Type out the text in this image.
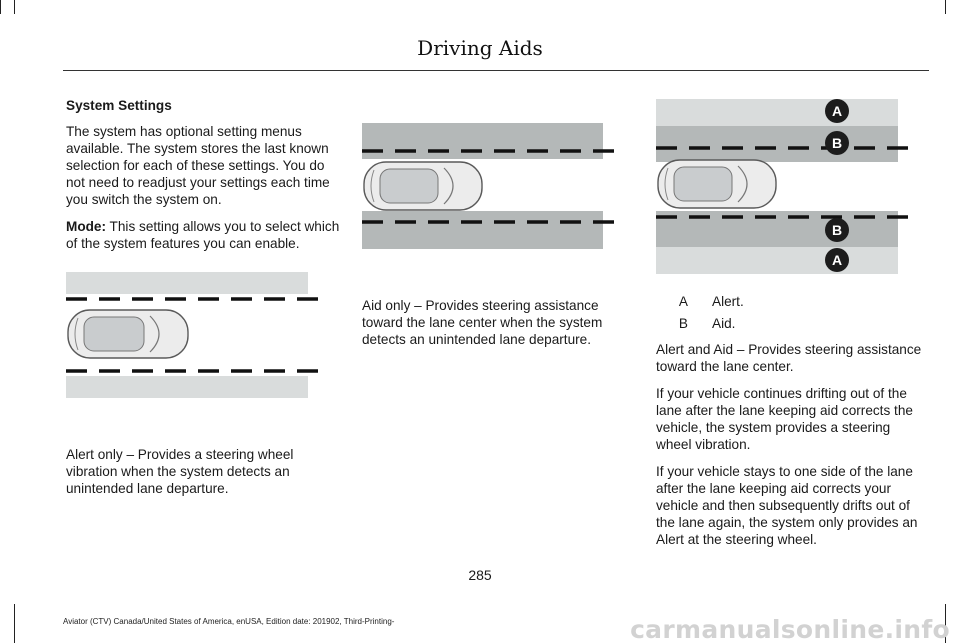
Driving Aids

System Settings

The system has optional setting menus available. The system stores the last known selection for each of these settings. You do not need to readjust your settings each time you switch the system on.

Mode: This setting allows you to select which of the system features you can enable.

Alert only – Provides a steering wheel vibration when the system detects an unintended lane departure.

Aid only – Provides steering assistance toward the lane center when the system detects an unintended lane departure.

A
B
B
A
A	Alert.
B	Aid.

Alert and Aid – Provides steering assistance toward the lane center.

If your vehicle continues drifting out of the lane after the lane keeping aid corrects the vehicle, the system provides a steering wheel vibration.

If your vehicle stays to one side of the lane after the lane keeping aid corrects your vehicle and then subsequently drifts out of the lane again, the system only provides an Alert at the steering wheel.

285
Aviator (CTV) Canada/United States of America, enUSA, Edition date: 201902, Third-Printing-	carmanualsonline.info
